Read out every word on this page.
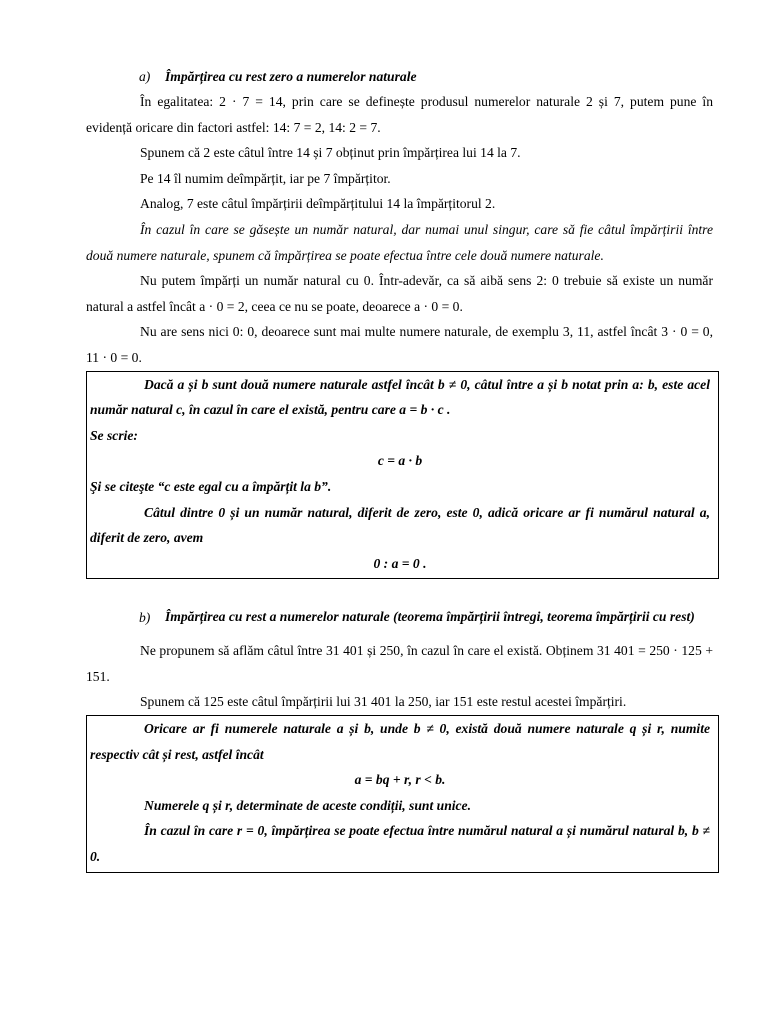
a)	Împărțirea cu rest zero a numerelor naturale

În egalitatea: 2 · 7 = 14, prin care se definește produsul numerelor naturale 2 și 7, putem pune în evidență oricare din factori astfel: 14: 7 = 2, 14: 2 = 7.

Spunem că 2 este câtul între 14 și 7 obținut prin împărțirea lui 14 la 7.

Pe 14 îl numim deîmpărțit, iar pe 7 împărțitor.

Analog, 7 este câtul împărțirii deîmpărțitului 14 la împărțitorul 2.

În cazul în care se găsește un număr natural, dar numai unul singur, care să fie câtul împărțirii între două numere naturale, spunem că împărțirea se poate efectua între cele două numere naturale.

Nu putem împărți un număr natural cu 0. Într-adevăr, ca să aibă sens 2: 0 trebuie să existe un număr natural a astfel încât a · 0 = 2, ceea ce nu se poate, deoarece a · 0 = 0.

Nu are sens nici 0: 0, deoarece sunt mai multe numere naturale, de exemplu 3, 11, astfel încât 3 · 0 = 0, 11 · 0 = 0.

Dacă a și b sunt două numere naturale astfel încât b ≠ 0, câtul între a și b notat prin a: b, este acel număr natural c, în cazul în care el există, pentru care a = b · c .

Se scrie:

c = a · b

Şi se citeşte “c este egal cu a împărțit la b”.

Câtul dintre 0 și un număr natural, diferit de zero, este 0, adică oricare ar fi numărul natural a, diferit de zero, avem

0 : a = 0 .

b)	Împărțirea cu rest a numerelor naturale (teorema împărțirii întregi, teorema împărțirii cu rest)

Ne propunem să aflăm câtul între 31 401 și 250, în cazul în care el există. Obținem 31 401 = 250 · 125 + 151.

Spunem că 125 este câtul împărțirii lui 31 401 la 250, iar 151 este restul acestei împărțiri.

Oricare ar fi numerele naturale a și b, unde b ≠ 0, există două numere naturale q și r, numite respectiv cât și rest, astfel încât

a = bq + r, r < b.

Numerele q și r, determinate de aceste condiții, sunt unice.

În cazul în care r = 0, împărțirea se poate efectua între numărul natural a și numărul natural b, b ≠ 0.
